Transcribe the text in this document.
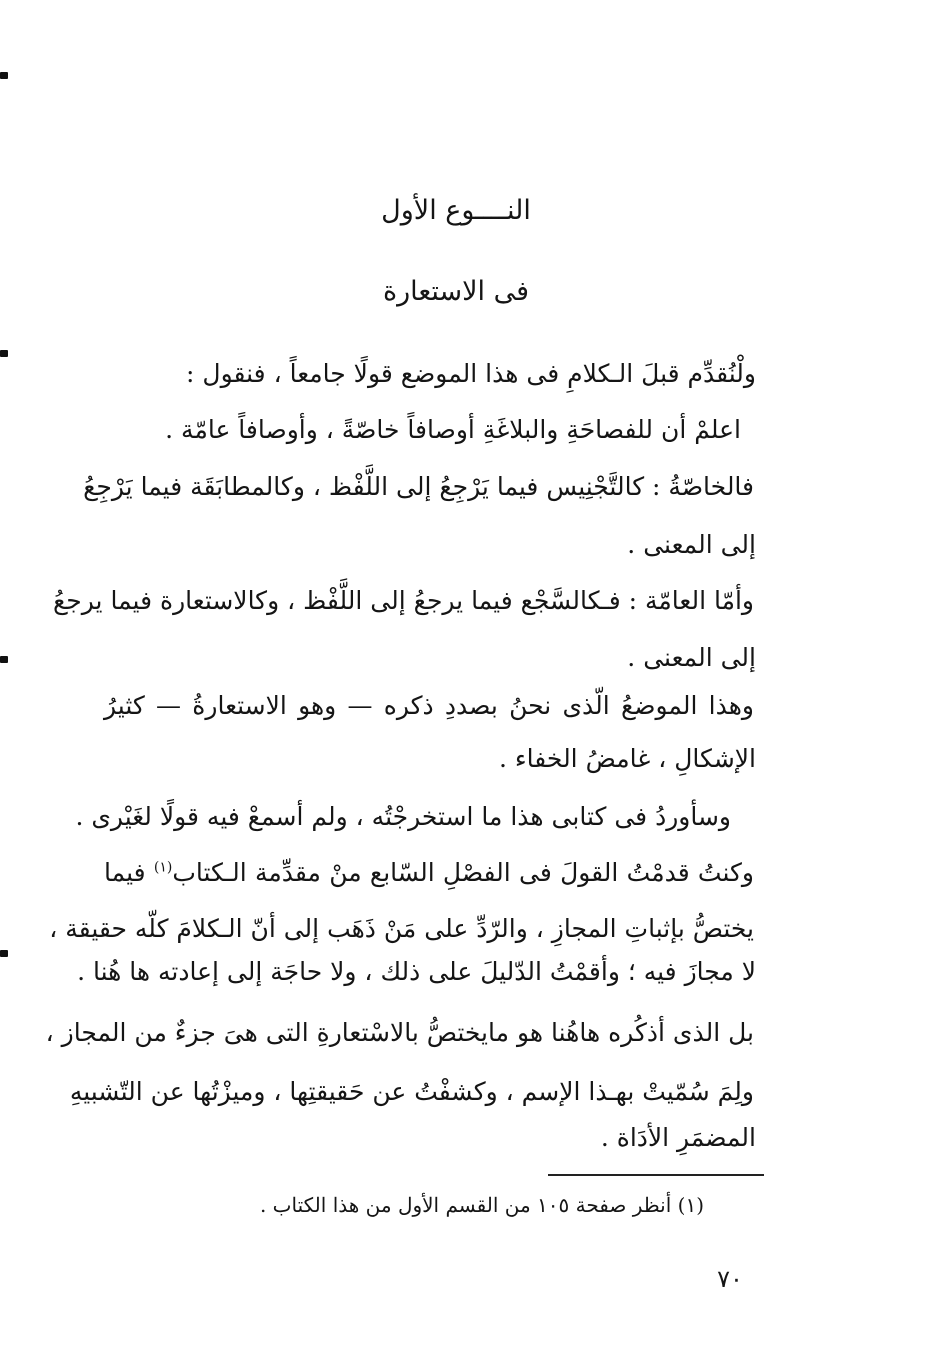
النــــوع الأول
فى الاستعارة
ولْنُقدِّم قبلَ الـكلامِ فى هذا الموضع قولًا جامعاً ، فنقول :
اعلمْ أن للفصاحَةِ والبلاغَةِ أوصافاً خاصّةً ، وأوصافاً عامّة .
فالخاصّةُ : كالتَّجْنِيس فيما يَرْجِعُ إلى اللَّفْظ ، وكالمطابَقَة فيما يَرْجِعُ
إلى المعنى .
وأمّا العامّة : فـكالسَّجْع فيما يرجعُ إلى اللَّفْظ ، وكالاستعارة فيما يرجعُ
إلى المعنى .
وهذا الموضعُ الّذى نحنُ بصددِ ذكره — وهو الاستعارةُ — كثيرُ
الإشكالِ ، غامضُ الخفاء .
وسأوردُ فى كتابى هذا ما استخرجْتُه ، ولم أسمعْ فيه قولًا لغَيْرى .
وكنتُ قدمْتُ القولَ فى الفصْلِ السّابع منْ مقدِّمة الـكتاب$^{(١)}$ فيما
يختصُّ بإثباتِ المجازِ ، والرّدِّ على مَنْ ذَهَب إلى أنّ الـكلامَ كلّه حقيقة ،
لا مجازَ فيه ؛ وأقمْتُ الدّليلَ على ذلك ، ولا حاجَة إلى إعادته ها هُنا .
بل الذى أذكُره هاهُنا هو مايختصُّ بالاسْتعارةِ التى هىَ جزءٌ من المجاز ،
ولِمَ سُمّيتْ بهـذا الإسم ، وكشفْتُ عن حَقيقتِها ، وميزْتُها عن التّشبيهِ
المضمَرِ الأدَاة .
(١) أنظر صفحة ١٠٥ من القسم الأول من هذا الكتاب .
٧٠
